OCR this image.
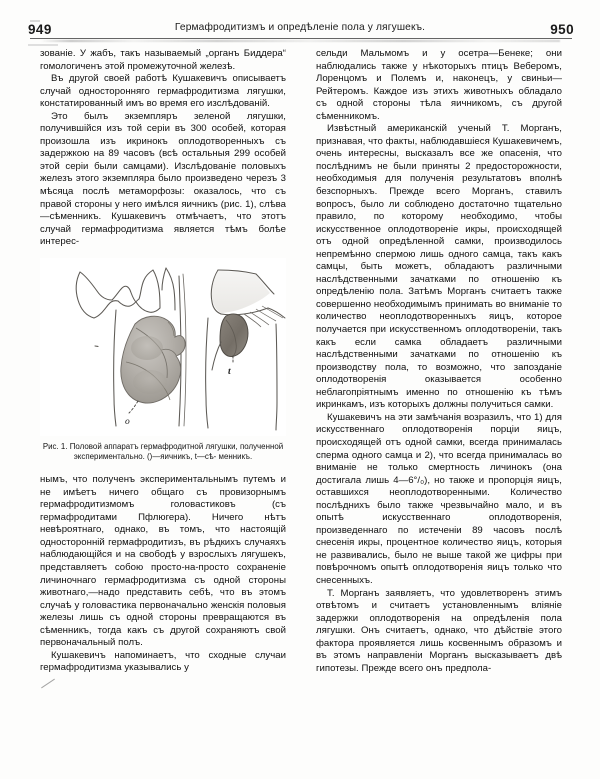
949	Гермафродитизмъ и опредѣленіе пола у лягушекъ.	950

зованіе. У жабъ, такъ называемый „органъ Биддера“ гомологиченъ этой промежуточной железѣ.

Въ другой своей работѣ Кушакевичъ описываетъ случай односторонняго гермафродитизма лягушки, констатированный имъ во время его изслѣдованій.

Это былъ экземпляръ зеленой лягушки, получившійся изъ той серіи въ 300 особей, которая произошла изъ икринокъ оплодотворенныхъ съ задержкою на 89 часовъ (всѣ остальныя 299 особей этой серіи были самцами). Изслѣдованіе половыхъ железъ этого экземпляра было произведено черезъ 3 мѣсяца послѣ метаморфозы: оказалось, что съ правой стороны у него имѣлся яичникъ (рис. 1), слѣва—сѣменникъ. Кушакевичъ отмѣчаетъ, что этотъ случай гермафродитизма является тѣмъ болѣе интерес-

o
t
Рис. 1. Половой аппаратъ гермафродитной лягушки, полученной экспериментально. ()—яичникъ, t—сѣ- менникъ.

нымъ, что полученъ экспериментальнымъ путемъ и не имѣетъ ничего общаго съ провизорнымъ гермафродитизмомъ головастиковъ (съ гермафродитами Пфлюгера). Ничего нѣтъ невѣроятнаго, однако, въ томъ, что настоящій односторонній гермафродитизъ, въ рѣдкихъ случаяхъ наблюдающійся и на свободѣ у взрослыхъ лягушекъ, представляетъ собою просто-на-просто сохраненіе личиночнаго гермафродитизма съ одной стороны животнаго,—надо представить себѣ, что въ этомъ случаѣ у головастика первоначально женскія половыя железы лишь съ одной стороны превращаются въ сѣменникъ, тогда какъ съ другой сохраняютъ свой первоначальный полъ.

Кушакевичъ напоминаетъ, что сходные случаи гермафродитизма указывались у

сельди Мальмомъ и у осетра—Бенеке; они наблюдались также у нѣкоторыхъ птицъ Веберомъ, Лоренцомъ и Полемъ и, наконецъ, у свиньи—Рейтеромъ. Каждое изъ этихъ животныхъ обладало съ одной стороны тѣла яичникомъ, съ другой сѣменникомъ.

Извѣстный американскій ученый Т. Морганъ, признавая, что факты, наблюдавшіеся Кушакевичемъ, очень интересны, высказалъ все же опасенія, что послѣднимъ не были приняты 2 предосторожности, необходимыя для полученія результатовъ вполнѣ безспорныхъ. Прежде всего Морганъ, ставилъ вопросъ, было ли соблюдено достаточно тщательно правило, по которому необходимо, чтобы искусственное оплодотвореніе икры, происходящей отъ одной опредѣленной самки, производилось непремѣнно спермою лишь одного самца, такъ какъ самцы, быть можетъ, обладаютъ различными наслѣдственными зачатками по отношенію къ опредѣленію пола. Затѣмъ Морганъ считаетъ также совершенно необходимымъ принимать во вниманіе то количество неоплодотворенныхъ яицъ, которое получается при искусственномъ оплодотвореніи, такъ какъ если самка обладаетъ различными наслѣдственными зачатками по отношенію къ производству пола, то возможно, что запозданіе оплодотворенія оказывается особенно неблагопріятнымъ именно по отношенію къ тѣмъ икринкамъ, изъ которыхъ должны получиться самки.

Кушакевичъ на эти замѣчанія возразилъ, что 1) для искусственнаго оплодотворенія порціи яицъ, происходящей отъ одной самки, всегда принималась сперма одного самца и 2), что всегда принималась во вниманіе не только смертность личинокъ (она достигала лишь 4—6°/₀), но также и пропорція яицъ, оставшихся неоплодотворенными. Количество послѣднихъ было также чрезвычайно мало, и въ опытѣ искусственнаго оплодотворенія, произведеннаго по истеченіи 89 часовъ послѣ снесенія икры, процентное количество яицъ, которыя не развивались, было не выше такой же цифры при повѣрочномъ опытѣ оплодотворенія яицъ только что снесенныхъ.

Т. Морганъ заявляетъ, что удовлетворенъ этимъ отвѣтомъ и считаетъ установленнымъ вліяніе задержки оплодотворенія на опредѣленія пола лягушки. Онъ считаетъ, однако, что дѣйствіе этого фактора проявляется лишь косвеннымъ образомъ и въ этомъ направленіи Морганъ высказываетъ двѣ гипотезы. Прежде всего онъ предпола-
